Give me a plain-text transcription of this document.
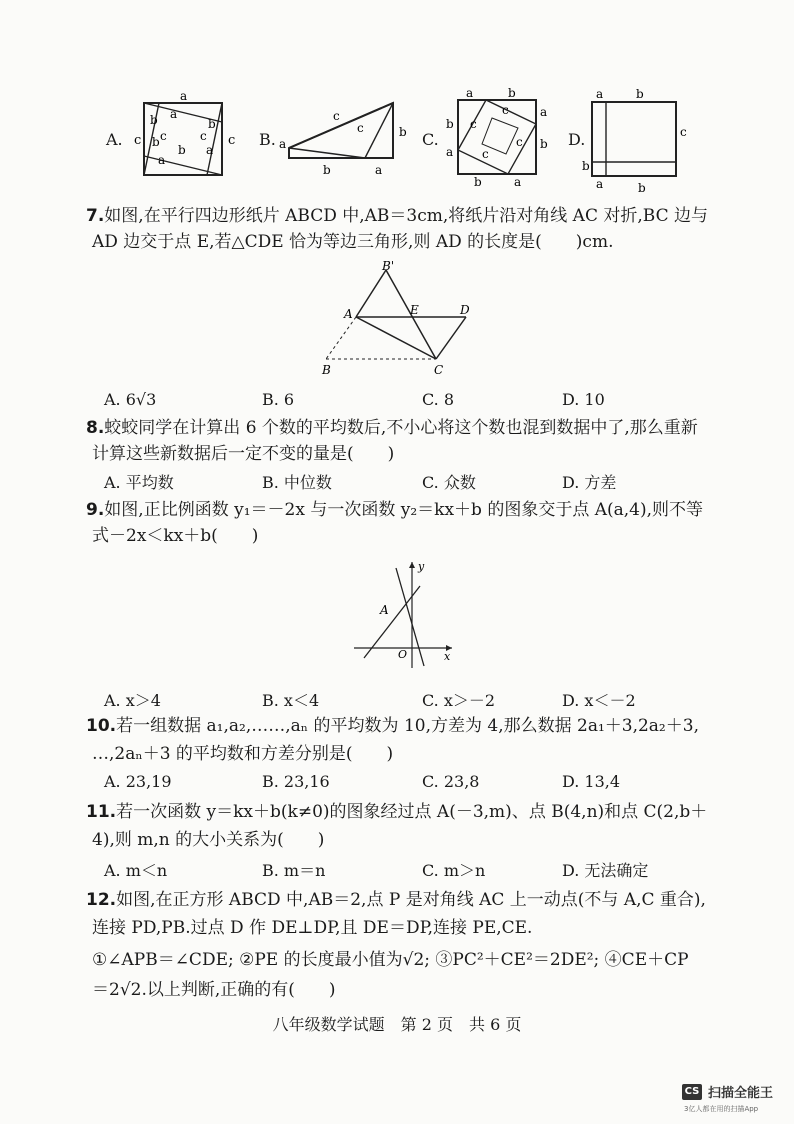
A. c
a
b
c
a
b
a
b
c
b
a
c B. a
c
c	b
b	a
C.
a	b
a
c
a
b c
b
c
c
b	a
D.
a	b
c
b
a	b
7.如图,在平行四边形纸片 ABCD 中,AB＝3cm,将纸片沿对角线 AC 对折,BC 边与
AD 边交于点 E,若△CDE 恰为等边三角形,则 AD 的长度是(　　)cm.
B'
A	E	D
B	C
A. 6√3	B. 6	C. 8	D. 10
8.蛟蛟同学在计算出 6 个数的平均数后,不小心将这个数也混到数据中了,那么重新
计算这些新数据后一定不变的量是(　　)
A. 平均数	B. 中位数	C. 众数	D. 方差
9.如图,正比例函数 y₁＝－2x 与一次函数 y₂＝kx＋b 的图象交于点 A(a,4),则不等
式－2x＜kx＋b(　　)
y
A
O	x
A. x＞4	B. x＜4	C. x＞－2	D. x＜－2
10.若一组数据 a₁,a₂,……,aₙ 的平均数为 10,方差为 4,那么数据 2a₁＋3,2a₂＋3,
…,2aₙ＋3 的平均数和方差分别是(　　)
A. 23,19	B. 23,16	C. 23,8	D. 13,4
11.若一次函数 y＝kx＋b(k≠0)的图象经过点 A(－3,m)、点 B(4,n)和点 C(2,b＋
4),则 m,n 的大小关系为(　　)
A. m＜n	B. m＝n	C. m＞n	D. 无法确定
12.如图,在正方形 ABCD 中,AB＝2,点 P 是对角线 AC 上一动点(不与 A,C 重合),
连接 PD,PB.过点 D 作 DE⊥DP,且 DE＝DP,连接 PE,CE.
①∠APB＝∠CDE; ②PE 的长度最小值为√2; ③PC²＋CE²＝2DE²; ④CE＋CP
＝2√2.以上判断,正确的有(　　)
八年级数学试题　第 2 页　共 6 页
CS 扫描全能王
3亿人都在用的扫描App
